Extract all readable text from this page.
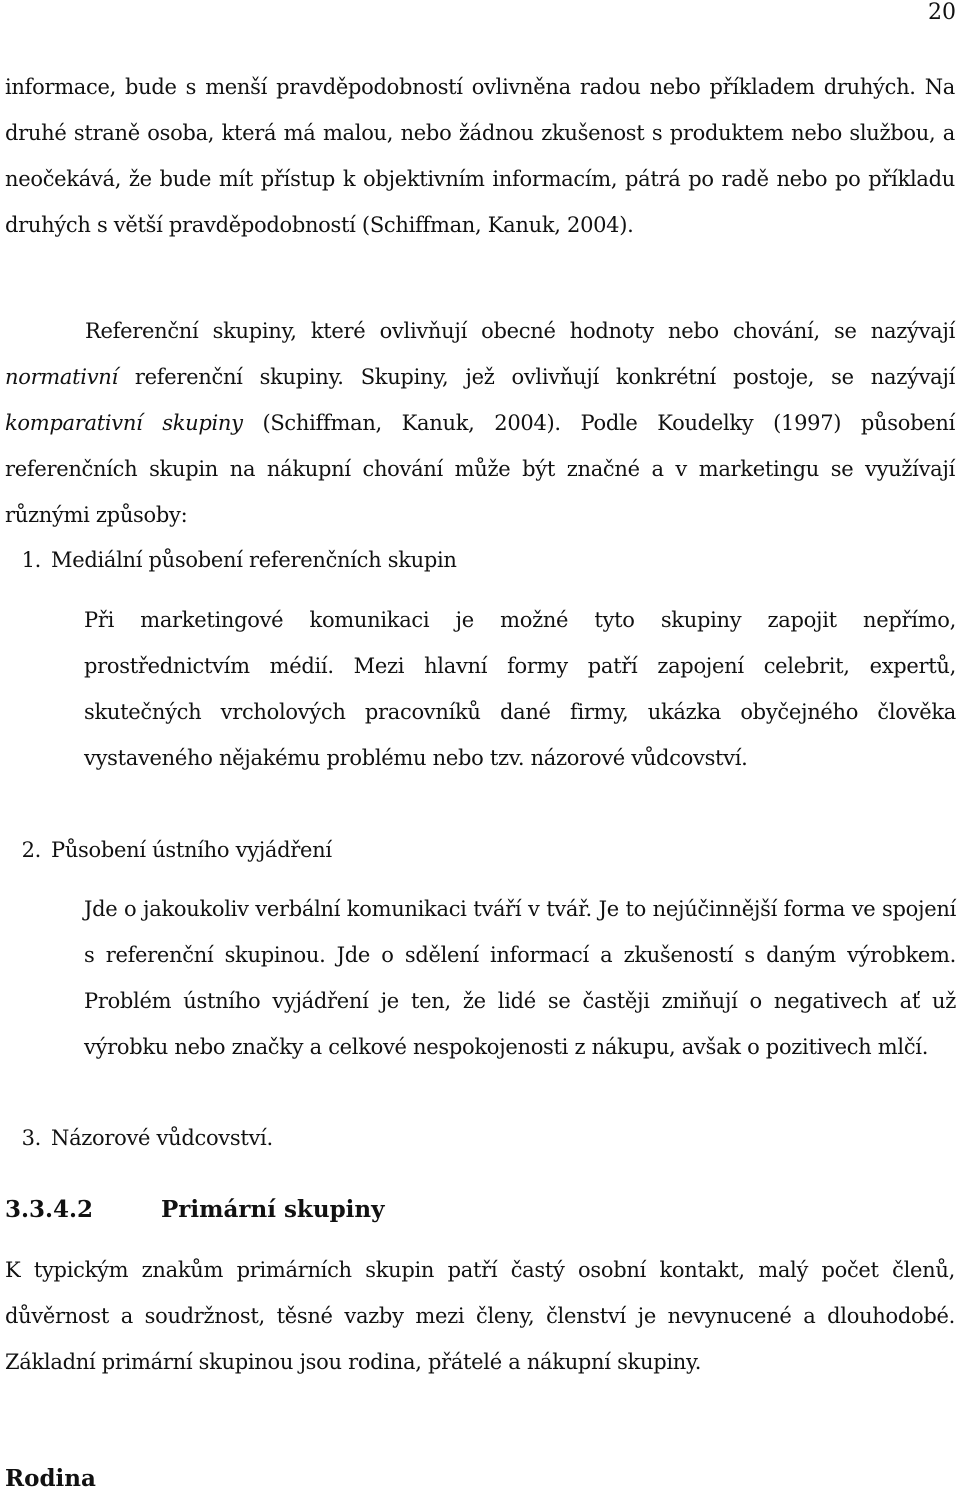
20

informace, bude s menší pravděpodobností ovlivněna radou nebo příkladem druhých. Na druhé straně osoba, která má malou, nebo žádnou zkušenost s produktem nebo službou, a neočekává, že bude mít přístup k objektivním informacím, pátrá po radě nebo po příkladu druhých s větší pravděpodobností (Schiffman, Kanuk, 2004).

Referenční skupiny, které ovlivňují obecné hodnoty nebo chování, se nazývají normativní referenční skupiny. Skupiny, jež ovlivňují konkrétní postoje, se nazývají komparativní skupiny (Schiffman, Kanuk, 2004). Podle Koudelky (1997) působení referenčních skupin na nákupní chování může být značné a v marketingu se využívají různými způsoby:

1. Mediální působení referenčních skupin

Při marketingové komunikaci je možné tyto skupiny zapojit nepřímo, prostřednictvím médií. Mezi hlavní formy patří zapojení celebrit, expertů, skutečných vrcholových pracovníků dané firmy, ukázka obyčejného člověka vystaveného nějakému problému nebo tzv. názorové vůdcovství.

2. Působení ústního vyjádření

Jde o jakoukoliv verbální komunikaci tváří v tvář. Je to nejúčinnější forma ve spojení s referenční skupinou. Jde o sdělení informací a zkušeností s daným výrobkem. Problém ústního vyjádření je ten, že lidé se častěji zmiňují o negativech ať už výrobku nebo značky a celkové nespokojenosti z nákupu, avšak o pozitivech mlčí.

3. Názorové vůdcovství.
3.3.4.2	Primární skupiny

K typickým znakům primárních skupin patří častý osobní kontakt, malý počet členů, důvěrnost a soudržnost, těsné vazby mezi členy, členství je nevynucené a dlouhodobé. Základní primární skupinou jsou rodina, přátelé a nákupní skupiny.

Rodina
